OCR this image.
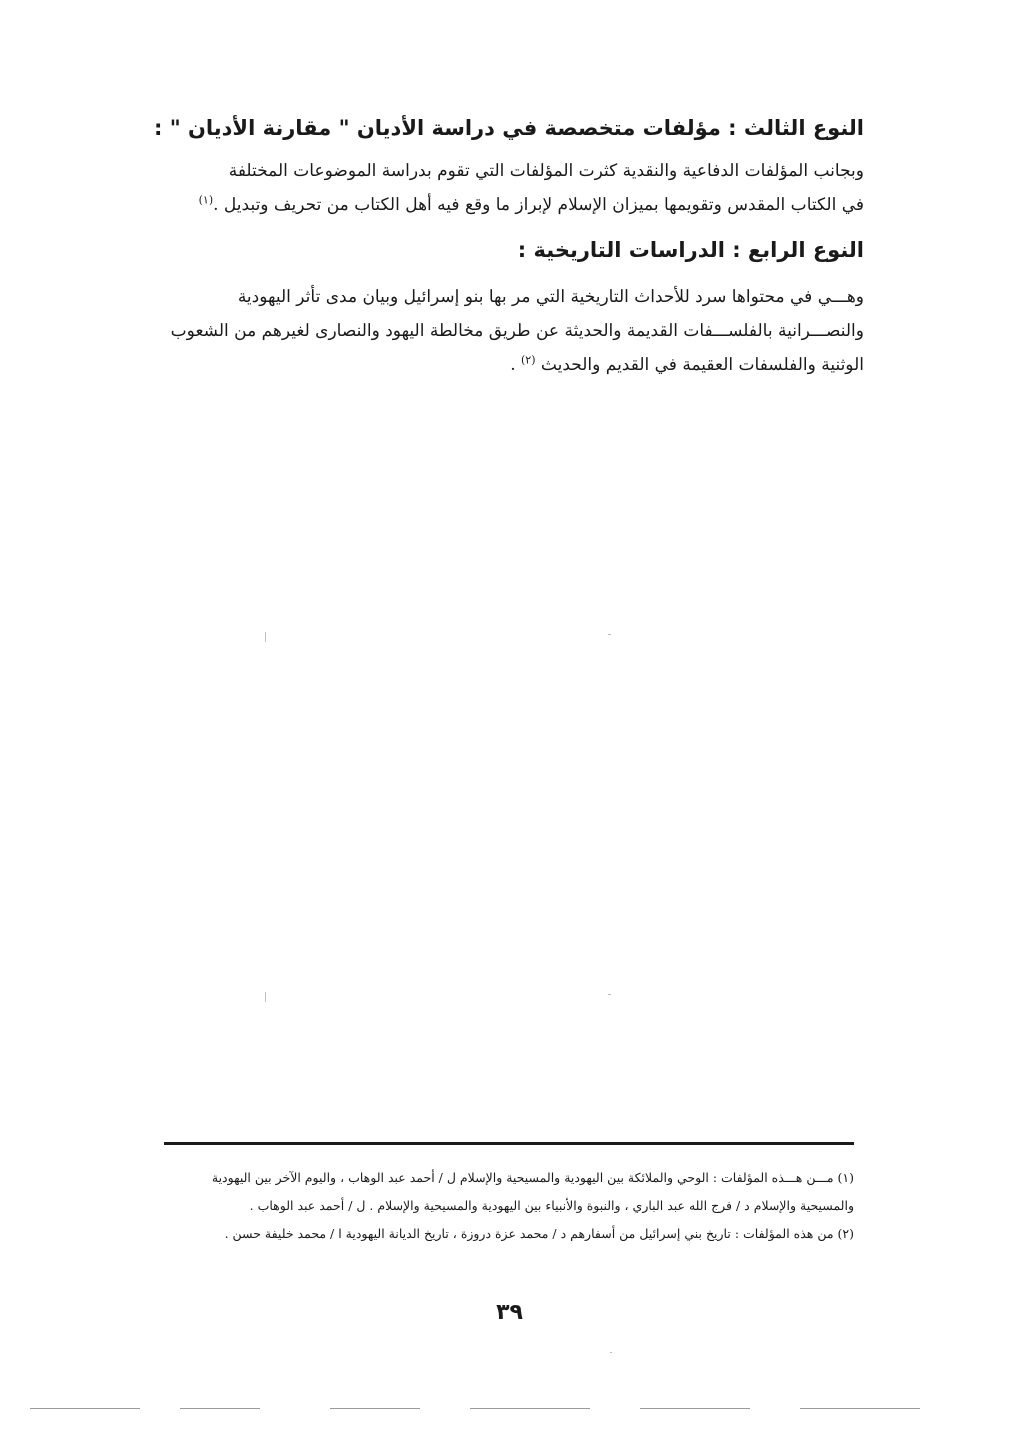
النوع الثالث : مؤلفات متخصصة في دراسة الأديان " مقارنة الأديان " :
وبجانب المؤلفات الدفاعية والنقدية كثرت المؤلفات التي تقوم بدراسة الموضوعات المختلفة
في الكتاب المقدس وتقويمها بميزان الإسلام لإبراز ما وقع فيه أهل الكتاب من تحريف وتبديل .$^{(١)}$
النوع الرابع : الدراسات التاريخية :
وهـــي في محتواها سرد للأحداث التاريخية التي مر بها بنو إسرائيل وبيان مدى تأثر اليهودية
والنصـــرانية بالفلســـفات القديمة والحديثة عن طريق مخالطة اليهود والنصارى لغيرهم من الشعوب
الوثنية والفلسفات العقيمة في القديم والحديث $^{(٢)}$ .
(١) مـــن هـــذه المؤلفات : الوحي والملائكة بين اليهودية والمسيحية والإسلام ل / أحمد عبد الوهاب ، واليوم الآخر بين اليهودية
والمسيحية والإسلام د / فرج الله عبد الباري ، والنبوة والأنبياء بين اليهودية والمسيحية والإسلام . ل / أحمد عبد الوهاب .
(٢) من هذه المؤلفات : تاريخ بني إسرائيل من أسفارهم د / محمد عزة دروزة ، تاريخ الديانة اليهودية ا / محمد خليفة حسن .
٣٩
